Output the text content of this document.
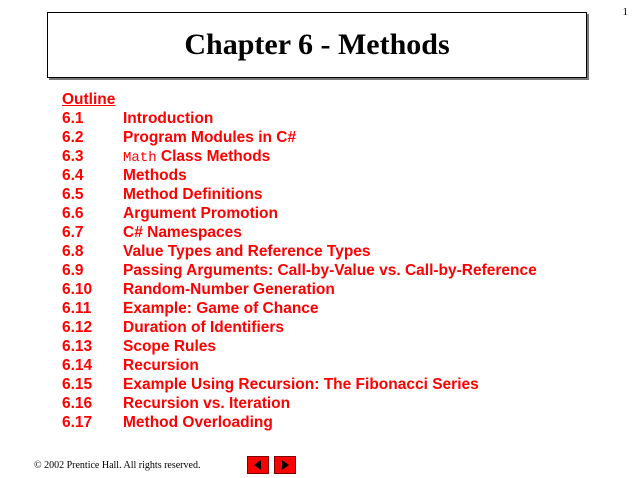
1
Chapter 6 - Methods
Outline
6.1	Introduction
6.2	Program Modules in C#
6.3	Math Class Methods
6.4	Methods
6.5	Method Definitions
6.6	Argument Promotion
6.7	C# Namespaces
6.8	Value Types and Reference Types
6.9	Passing Arguments: Call-by-Value vs. Call-by-Reference
6.10	Random-Number Generation
6.11	Example: Game of Chance
6.12	Duration of Identifiers
6.13	Scope Rules
6.14	Recursion
6.15	Example Using Recursion: The Fibonacci Series
6.16	Recursion vs. Iteration
6.17	Method Overloading
© 2002 Prentice Hall. All rights reserved.
